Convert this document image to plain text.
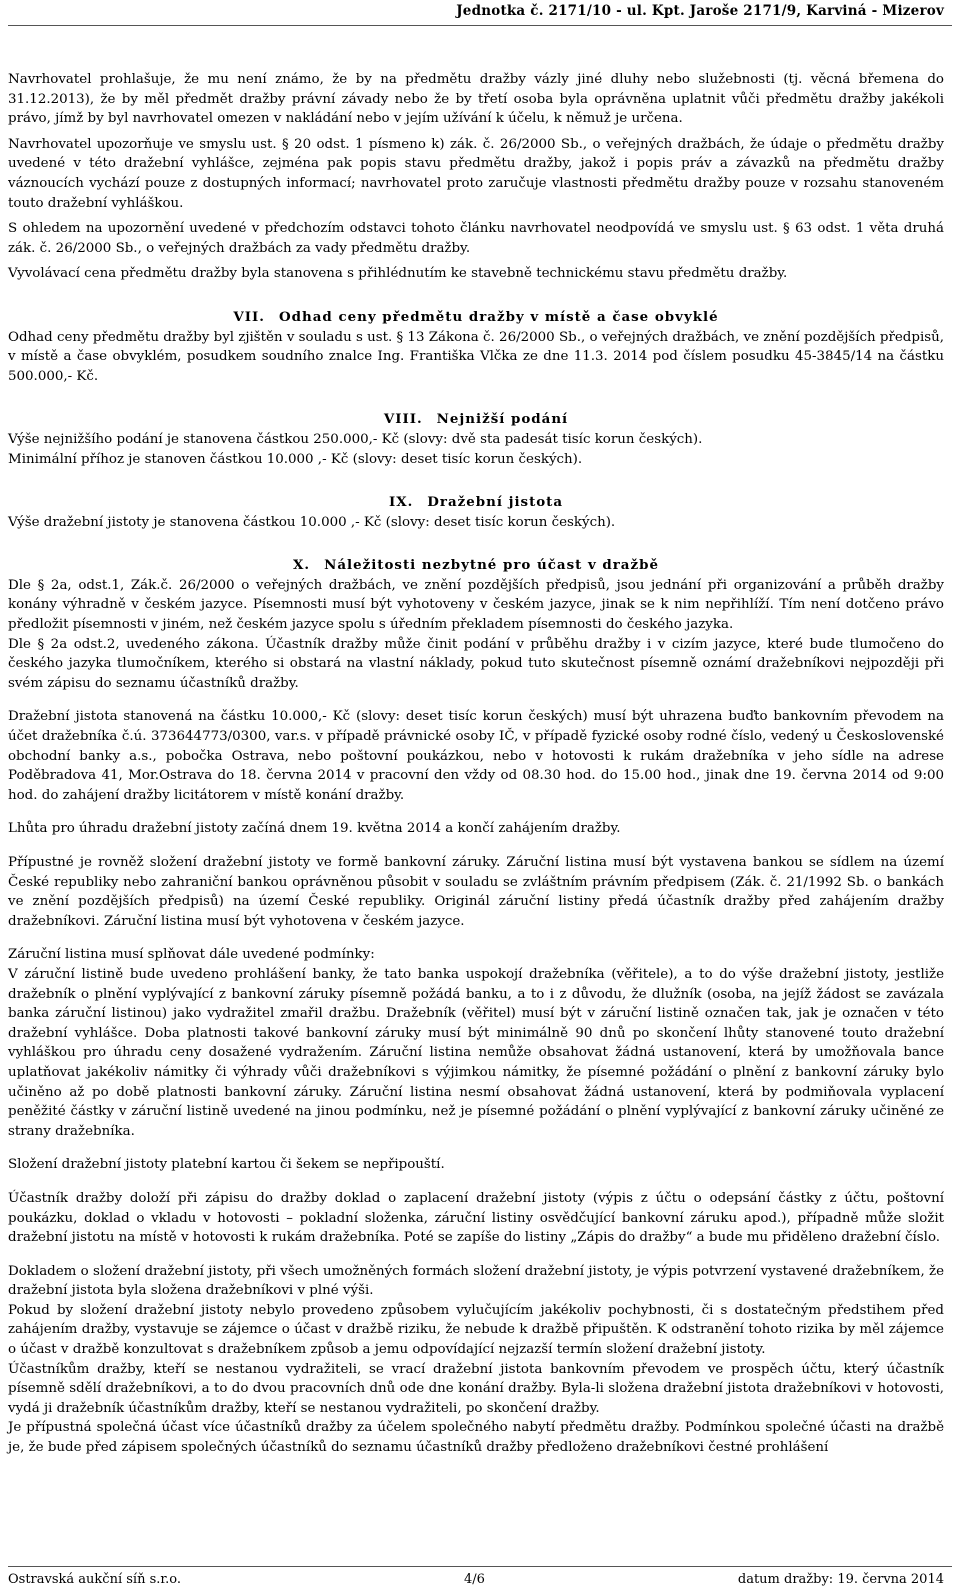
Jednotka č. 2171/10 - ul. Kpt. Jaroše 2171/9, Karviná - Mizerov

Navrhovatel prohlašuje, že mu není známo, že by na předmětu dražby vázly jiné dluhy nebo služebnosti (tj. věcná břemena do 31.12.2013), že by měl předmět dražby právní závady nebo že by třetí osoba byla oprávněna uplatnit vůči předmětu dražby jakékoli právo, jímž by byl navrhovatel omezen v nakládání nebo v jejím užívání k účelu, k němuž je určena.

Navrhovatel upozorňuje ve smyslu ust. § 20 odst. 1 písmeno k) zák. č. 26/2000 Sb., o veřejných dražbách, že údaje o předmětu dražby uvedené v této dražební vyhlášce, zejména pak popis stavu předmětu dražby, jakož i popis práv a závazků na předmětu dražby váznoucích vychází pouze z dostupných informací; navrhovatel proto zaručuje vlastnosti předmětu dražby pouze v rozsahu stanoveném touto dražební vyhláškou.

S ohledem na upozornění uvedené v předchozím odstavci tohoto článku navrhovatel neodpovídá ve smyslu ust. § 63 odst. 1 věta druhá zák. č. 26/2000 Sb., o veřejných dražbách za vady předmětu dražby.

Vyvolávací cena předmětu dražby byla stanovena s přihlédnutím ke stavebně technickému stavu předmětu dražby.

VII. Odhad ceny předmětu dražby v místě a čase obvyklé

Odhad ceny předmětu dražby byl zjištěn v souladu s ust. § 13 Zákona č. 26/2000 Sb., o veřejných dražbách, ve znění pozdějších předpisů, v místě a čase obvyklém, posudkem soudního znalce Ing. Františka Vlčka ze dne 11.3. 2014 pod číslem posudku 45-3845/14 na částku 500.000,- Kč.

VIII. Nejnižší podání

Výše nejnižšího podání je stanovena částkou 250.000,- Kč (slovy: dvě sta padesát tisíc korun českých).

Minimální příhoz je stanoven částkou 10.000 ,- Kč (slovy: deset tisíc korun českých).

IX. Dražební jistota

Výše dražební jistoty je stanovena částkou 10.000 ,- Kč (slovy: deset tisíc korun českých).

X. Náležitosti nezbytné pro účast v dražbě

Dle § 2a, odst.1, Zák.č. 26/2000 o veřejných dražbách, ve znění pozdějších předpisů, jsou jednání při organizování a průběh dražby konány výhradně v českém jazyce. Písemnosti musí být vyhotoveny v českém jazyce, jinak se k nim nepřihlíží. Tím není dotčeno právo předložit písemnosti v jiném, než českém jazyce spolu s úředním překladem písemnosti do českého jazyka.

Dle § 2a odst.2, uvedeného zákona. Účastník dražby může činit podání v průběhu dražby i v cizím jazyce, které bude tlumočeno do českého jazyka tlumočníkem, kterého si obstará na vlastní náklady, pokud tuto skutečnost písemně oznámí dražebníkovi nejpozději při svém zápisu do seznamu účastníků dražby.

Dražební jistota stanovená na částku 10.000,- Kč (slovy: deset tisíc korun českých) musí být uhrazena buďto bankovním převodem na účet dražebníka č.ú. 373644773/0300, var.s. v případě právnické osoby IČ, v případě fyzické osoby rodné číslo, vedený u Československé obchodní banky a.s., pobočka Ostrava, nebo poštovní poukázkou, nebo v hotovosti k rukám dražebníka v jeho sídle na adrese Poděbradova 41, Mor.Ostrava do 18. června 2014 v pracovní den vždy od 08.30 hod. do 15.00 hod., jinak dne 19. června 2014 od 9:00 hod. do zahájení dražby licitátorem v místě konání dražby.

Lhůta pro úhradu dražební jistoty začíná dnem 19. května 2014 a končí zahájením dražby.

Přípustné je rovněž složení dražební jistoty ve formě bankovní záruky. Záruční listina musí být vystavena bankou se sídlem na území České republiky nebo zahraniční bankou oprávněnou působit v souladu se zvláštním právním předpisem (Zák. č. 21/1992 Sb. o bankách ve znění pozdějších předpisů) na území České republiky. Originál záruční listiny předá účastník dražby před zahájením dražby dražebníkovi. Záruční listina musí být vyhotovena v českém jazyce.

Záruční listina musí splňovat dále uvedené podmínky:

V záruční listině bude uvedeno prohlášení banky, že tato banka uspokojí dražebníka (věřitele), a to do výše dražební jistoty, jestliže dražebník o plnění vyplývající z bankovní záruky písemně požádá banku, a to i z důvodu, že dlužník (osoba, na jejíž žádost se zavázala banka záruční listinou) jako vydražitel zmařil dražbu. Dražebník (věřitel) musí být v záruční listině označen tak, jak je označen v této dražební vyhlášce. Doba platnosti takové bankovní záruky musí být minimálně 90 dnů po skončení lhůty stanovené touto dražební vyhláškou pro úhradu ceny dosažené vydražením. Záruční listina nemůže obsahovat žádná ustanovení, která by umožňovala bance uplatňovat jakékoliv námitky či výhrady vůči dražebníkovi s výjimkou námitky, že písemné požádání o plnění z bankovní záruky bylo učiněno až po době platnosti bankovní záruky. Záruční listina nesmí obsahovat žádná ustanovení, která by podmiňovala vyplacení peněžité částky v záruční listině uvedené na jinou podmínku, než je písemné požádání o plnění vyplývající z bankovní záruky učiněné ze strany dražebníka.

Složení dražební jistoty platební kartou či šekem se nepřipouští.

Účastník dražby doloží při zápisu do dražby doklad o zaplacení dražební jistoty (výpis z účtu o odepsání částky z účtu, poštovní poukázku, doklad o vkladu v hotovosti – pokladní složenka, záruční listiny osvědčující bankovní záruku apod.), případně může složit dražební jistotu na místě v hotovosti k rukám dražebníka. Poté se zapíše do listiny „Zápis do dražby“ a bude mu přiděleno dražební číslo.

Dokladem o složení dražební jistoty, při všech umožněných formách složení dražební jistoty, je výpis potvrzení vystavené dražebníkem, že dražební jistota byla složena dražebníkovi v plné výši.

Pokud by složení dražební jistoty nebylo provedeno způsobem vylučujícím jakékoliv pochybnosti, či s dostatečným předstihem před zahájením dražby, vystavuje se zájemce o účast v dražbě riziku, že nebude k dražbě připuštěn. K odstranění tohoto rizika by měl zájemce o účast v dražbě konzultovat s dražebníkem způsob a jemu odpovídající nejzazší termín složení dražební jistoty.

Účastníkům dražby, kteří se nestanou vydražiteli, se vrací dražební jistota bankovním převodem ve prospěch účtu, který účastník písemně sdělí dražebníkovi, a to do dvou pracovních dnů ode dne konání dražby. Byla-li složena dražební jistota dražebníkovi v hotovosti, vydá ji dražebník účastníkům dražby, kteří se nestanou vydražiteli, po skončení dražby.

Je přípustná společná účast více účastníků dražby za účelem společného nabytí předmětu dražby. Podmínkou společné účasti na dražbě je, že bude před zápisem společných účastníků do seznamu účastníků dražby předloženo dražebníkovi čestné prohlášení

Ostravská aukční síň s.r.o.	4/6	datum dražby: 19. června 2014
